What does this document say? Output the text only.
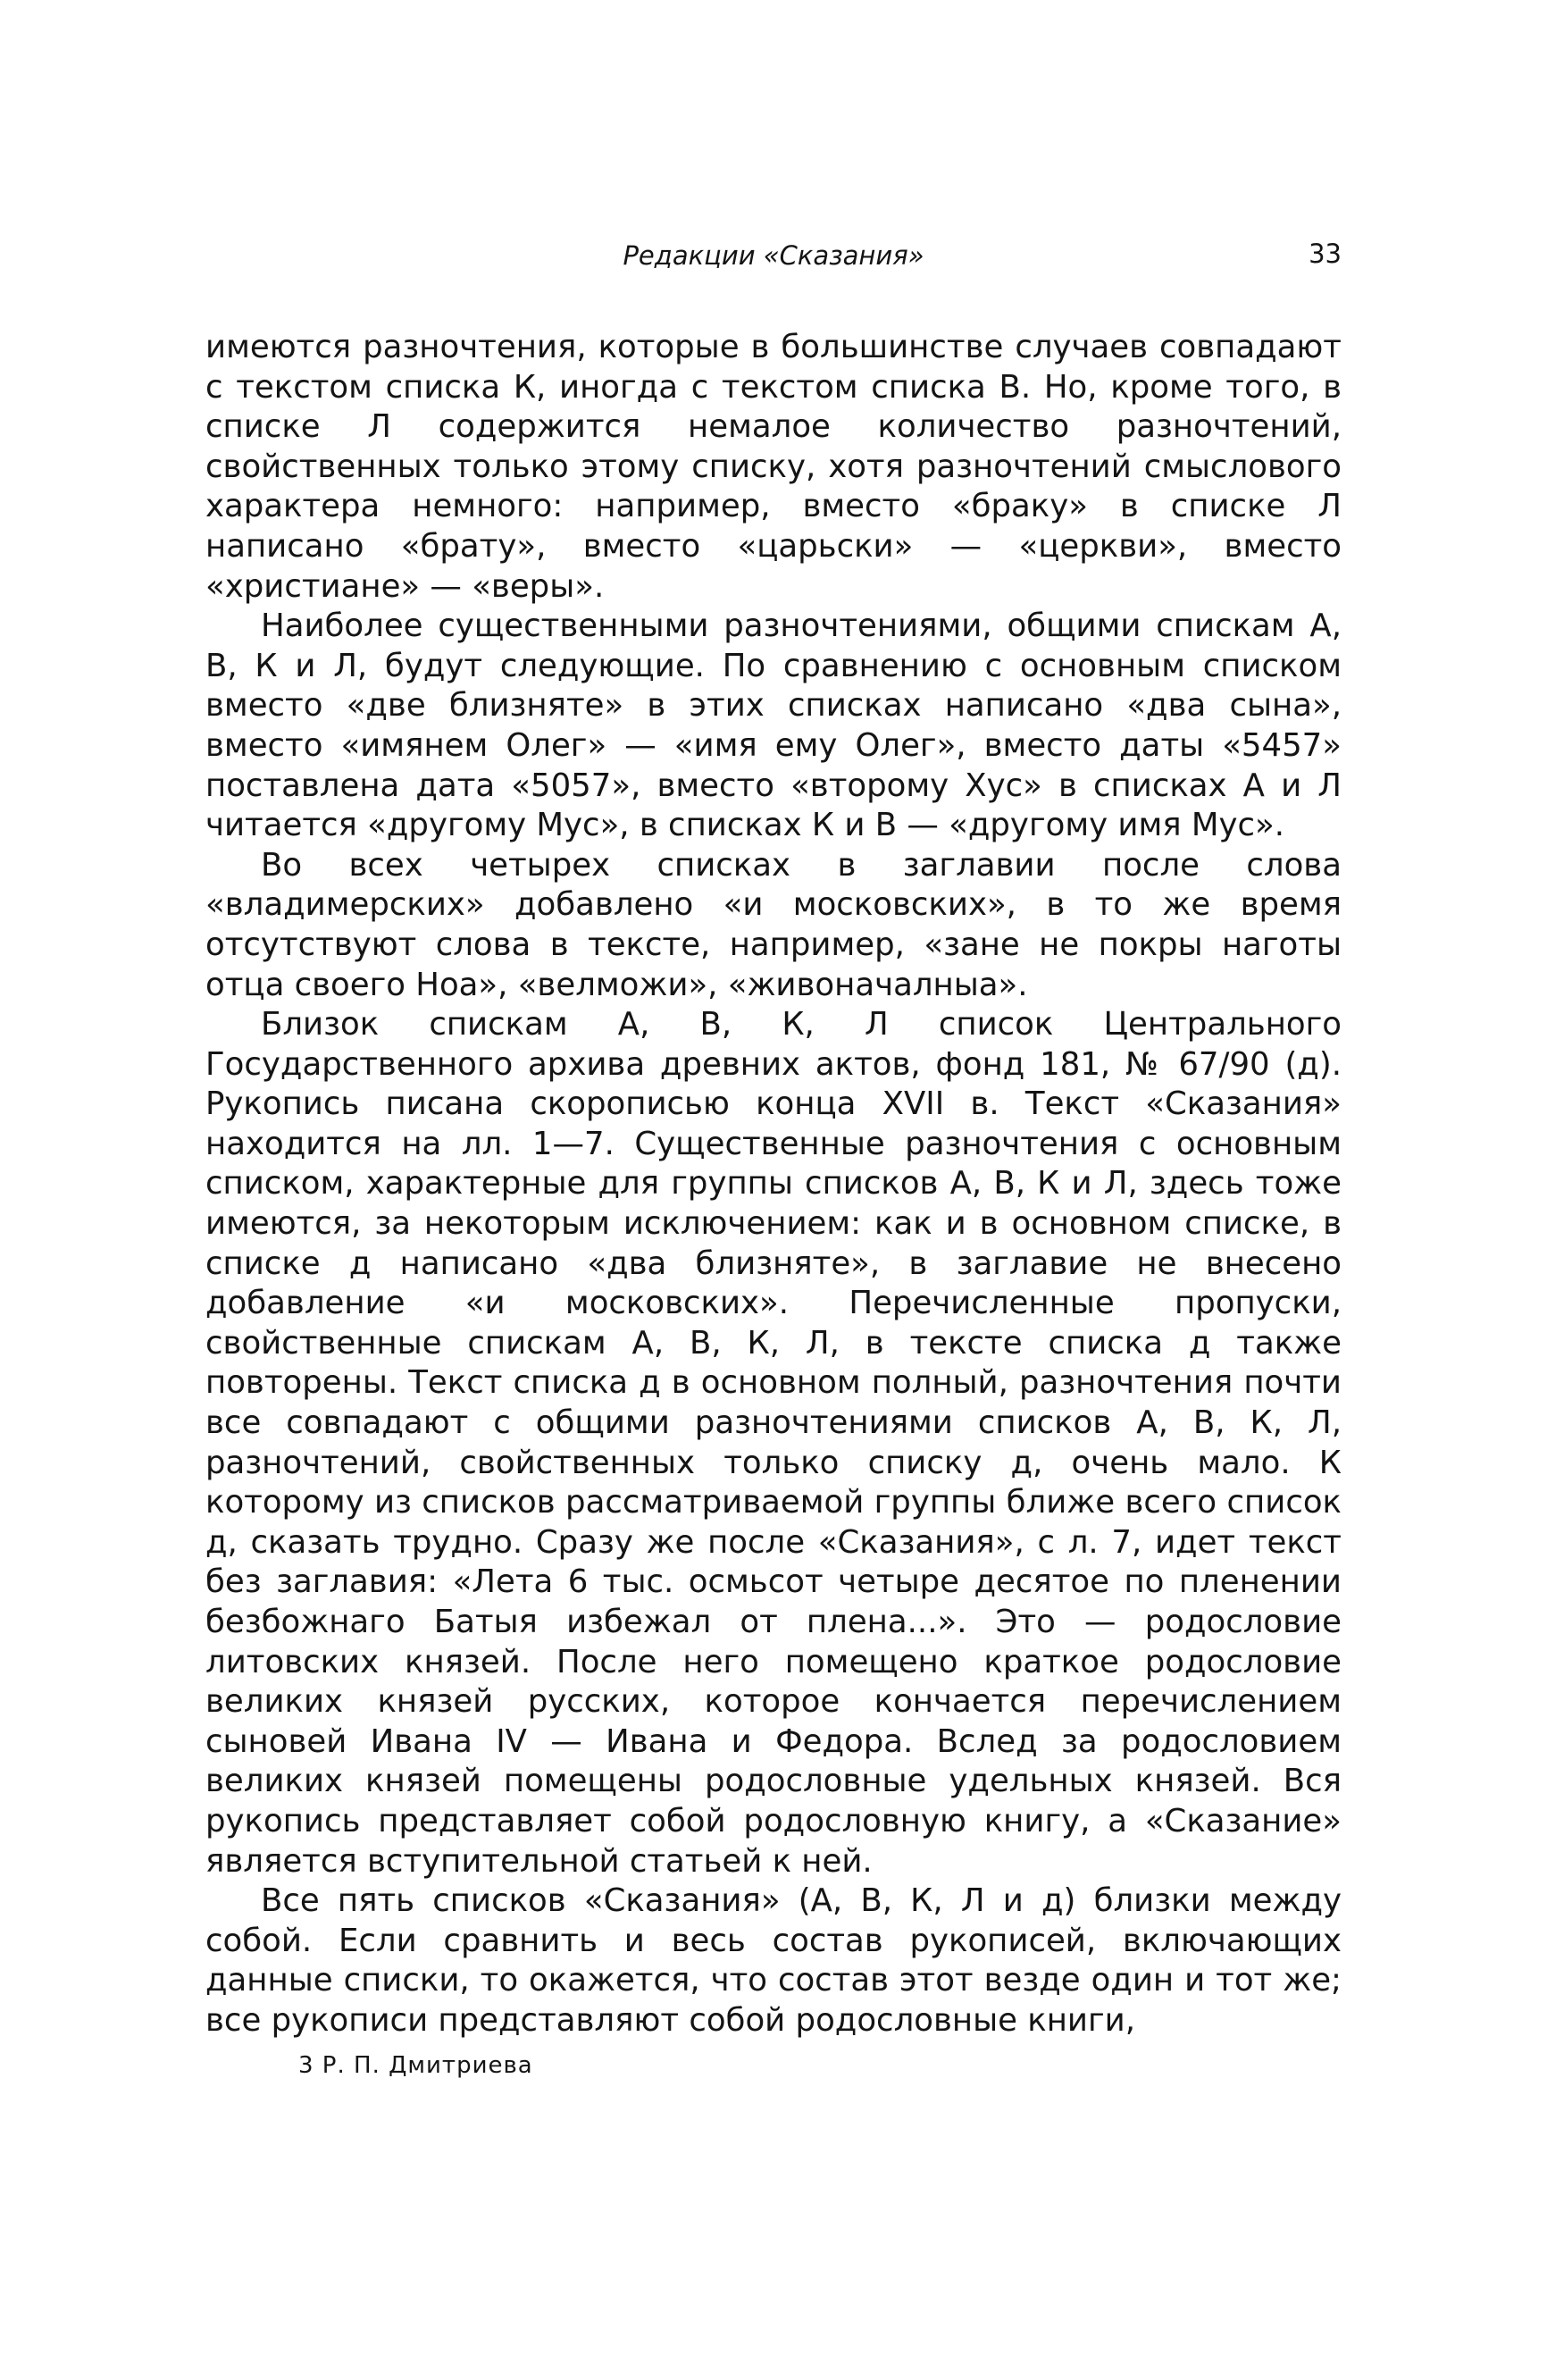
Редакции «Сказания»	33

имеются разночтения, которые в большинстве случаев совпадают с текстом списка К, иногда с текстом списка В. Но, кроме того, в списке Л содержится немалое количество разночтений, свойственных только этому списку, хотя разночтений смыслового характера немного: например, вместо «браку» в списке Л написано «брату», вместо «царьски» — «церкви», вместо «христиане» — «веры».

Наиболее существенными разночтениями, общими спискам А, В, К и Л, будут следующие. По сравнению с основным списком вместо «две близняте» в этих списках написано «два сына», вместо «имянем Олег» — «имя ему Олег», вместо даты «5457» поставлена дата «5057», вместо «второму Хус» в списках А и Л читается «другому Мус», в списках К и В — «другому имя Мус».

Во всех четырех списках в заглавии после слова «владимерских» добавлено «и московских», в то же время отсутствуют слова в тексте, например, «зане не покры наготы отца своего Ноа», «велможи», «живоначалныа».

Близок спискам А, В, К, Л список Центрального Государственного архива древних актов, фонд 181, № 67/90 (д). Рукопись писана скорописью конца XVII в. Текст «Сказания» находится на лл. 1—7. Существенные разночтения с основным списком, характерные для группы списков А, В, К и Л, здесь тоже имеются, за некоторым исключением: как и в основном списке, в списке д написано «два близняте», в заглавие не внесено добавление «и московских». Перечисленные пропуски, свойственные спискам А, В, К, Л, в тексте списка д также повторены. Текст списка д в основном полный, разночтения почти все совпадают с общими разночтениями списков А, В, К, Л, разночтений, свойственных только списку д, очень мало. К которому из списков рассматриваемой группы ближе всего список д, сказать трудно. Сразу же после «Сказания», с л. 7, идет текст без заглавия: «Лета 6 тыс. осмьсот четыре десятое по пленении безбожнаго Батыя избежал от плена...». Это — родословие литовских князей. После него помещено краткое родословие великих князей русских, которое кончается перечислением сыновей Ивана IV — Ивана и Федора. Вслед за родословием великих князей помещены родословные удельных князей. Вся рукопись представляет собой родословную книгу, а «Сказание» является вступительной статьей к ней.

Все пять списков «Сказания» (А, В, К, Л и д) близки между собой. Если сравнить и весь состав рукописей, включающих данные списки, то окажется, что состав этот везде один и тот же; все рукописи представляют собой родословные книги,

3 Р. П. Дмитриева
